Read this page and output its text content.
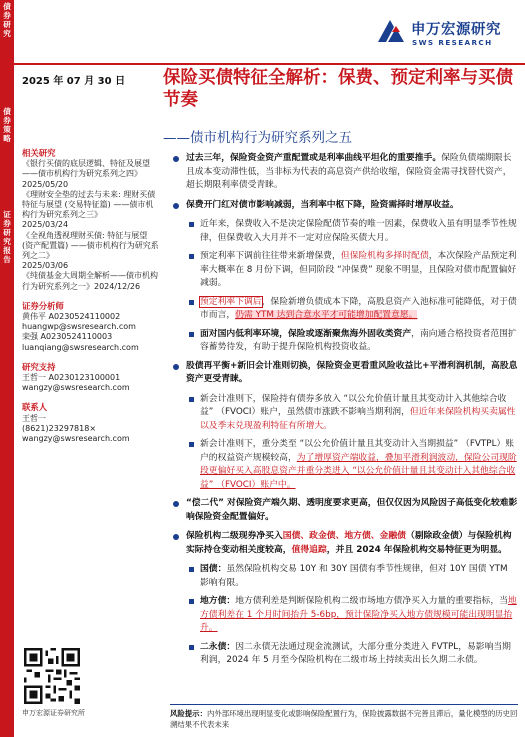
债券研究
债券策略
证券研究报告
申万宏源研究
SWS RESEARCH
2025 年 07 月 30 日 保险买债特征全解析：保费、预定利率与买债节奏
——债市机构行为研究系列之五
相关研究

《银行买债的底层逻辑、特征及展望——债市机构行为研究系列之四》

2025/05/20

《理财安全垫的过去与未来: 理财买债特征与展望 (交易特征篇) ——债市机构行为研究系列之三》

2025/03/24

《全视角透视理财买债: 特征与展望 (资产配置篇) ——债市机构行为研究系列之二》

2025/03/06

《纯债基金大周期全解析——债市机构行为研究系列之一》2024/12/26

证券分析师

黄伟平 A0230524110002

huangwp@swsresearch.com

栾强 A0230524110003

luanqiang@swsresearch.com

研究支持

王哲一 A0230123100001

wangzy@swsresearch.com

联系人

王哲一

(8621)23297818×

wangzy@swsresearch.com

申万宏源证券研究所
过去三年，保险资金资产重配置或是利率曲线平坦化的重要推手。保险负债端期限长且成本变动滞性低，当非标为代表的高息资产供给收缩，保险资金需寻找替代资产，超长期限利率债受青睐。
保费开门红对债市影响减弱，当利率中枢下降，险资需择时增厚收益。
近年来，保费收入不是决定保险配债节奏的唯一因素，保费收入虽有明显季节性规律，但保费收入大月并不一定对应保险买债大月。
预定利率下调前往往带来新增保费，但保险机构多择时配债，本次保险产品预定利率大概率在 8 月份下调，但同阶段 “冲保费” 现象不明显，且保险对债市配置偏好减弱。
预定利率下调后，保险新增负债成本下降，高股息资产入池标准可能降低，对于债市而言，仍需 YTM 达到合意水平才可能增加配置意愿。
面对国内低利率环境，保险或逐渐聚焦海外固收类资产，南向通合格投资者范围扩容蓄势待发，有助于提升保险机构投资收益。
股债再平衡+新旧会计准则切换，保险资金更看重风险收益比+平滑利润机制，高股息资产更受青睐。
新会计准则下，保险持有债券多放入 “以公允价值计量且其变动计入其他综合收益” （FVOCI）账户，虽然债市涨跌不影响当期利润，但近年来保险机构买卖属性以及季末兑现盈利特征有所增大。
新会计准则下，重分类至 “以公允价值计量且其变动计入当期损益” （FVTPL）账户的权益资产规模较高，为了增厚资产端收益，叠加平滑利润波动，保险公司现阶段更偏好买入高股息资产并重分类进入 “以公允价值计量且其变动计入其他综合收益” （FVOCI）账户中。
“偿二代” 对保险资产端久期、透明度要求更高，但仅仅因为风险因子高低变化较难影响保险资金配置偏好。
保险机构二级现券净买入国债、政金债、地方债、金融债（剔除政金债）与保险机构实际持仓变动相关度较高，值得追踪，并且 2024 年保险机构交易特征更为明显。
国债：虽然保险机构交易 10Y 和 30Y 国债有季节性规律，但对 10Y 国债 YTM 影响有限。
地方债：地方债利差是判断保险机构二级市场地方债净买入力量的重要指标，当地方债利差在 1 个月时间抬升 5-6bp，预计保险净买入地方债规模可能出现明显抬升。
二永债：因二永债无法通过现金流测试，大部分重分类进入 FVTPL，易影响当期利润，2024 年 5 月至今保险机构在二级市场上持续卖出长久期二永债。
风险提示：内外部环境出现明显变化或影响保险配置行为，保险披露数据不完善且滞后，量化模型的历史回溯结果不代表未来
